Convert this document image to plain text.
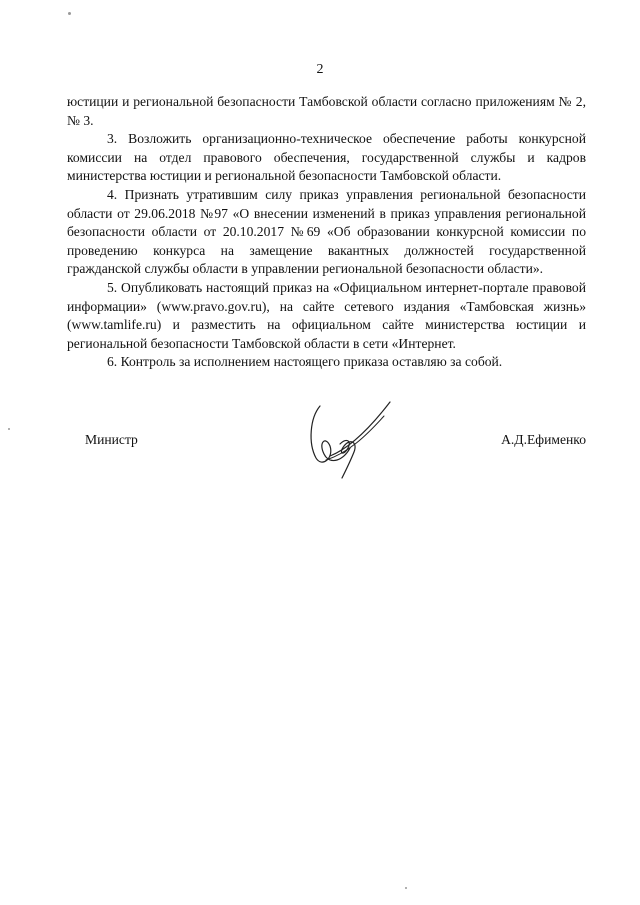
2

юстиции и региональной безопасности Тамбовской области согласно приложениям № 2, № 3.

3. Возложить организационно-техническое обеспечение работы конкурсной комиссии на отдел правового обеспечения, государственной службы и кадров министерства юстиции и региональной безопасности Тамбовской области.

4. Признать утратившим силу приказ управления региональной безопасности области от 29.06.2018 №97 «О внесении изменений в приказ управления региональной безопасности области от 20.10.2017 №69 «Об образовании конкурсной комиссии по проведению конкурса на замещение вакантных должностей государственной гражданской службы области в управлении региональной безопасности области».

5. Опубликовать настоящий приказ на «Официальном интернет-портале правовой информации» (www.pravo.gov.ru), на сайте сетевого издания «Тамбовская жизнь» (www.tamlife.ru) и разместить на официальном сайте министерства юстиции и региональной безопасности Тамбовской области в сети «Интернет.

6. Контроль за исполнением настоящего приказа оставляю за собой.

Министр	А.Д.Ефименко
